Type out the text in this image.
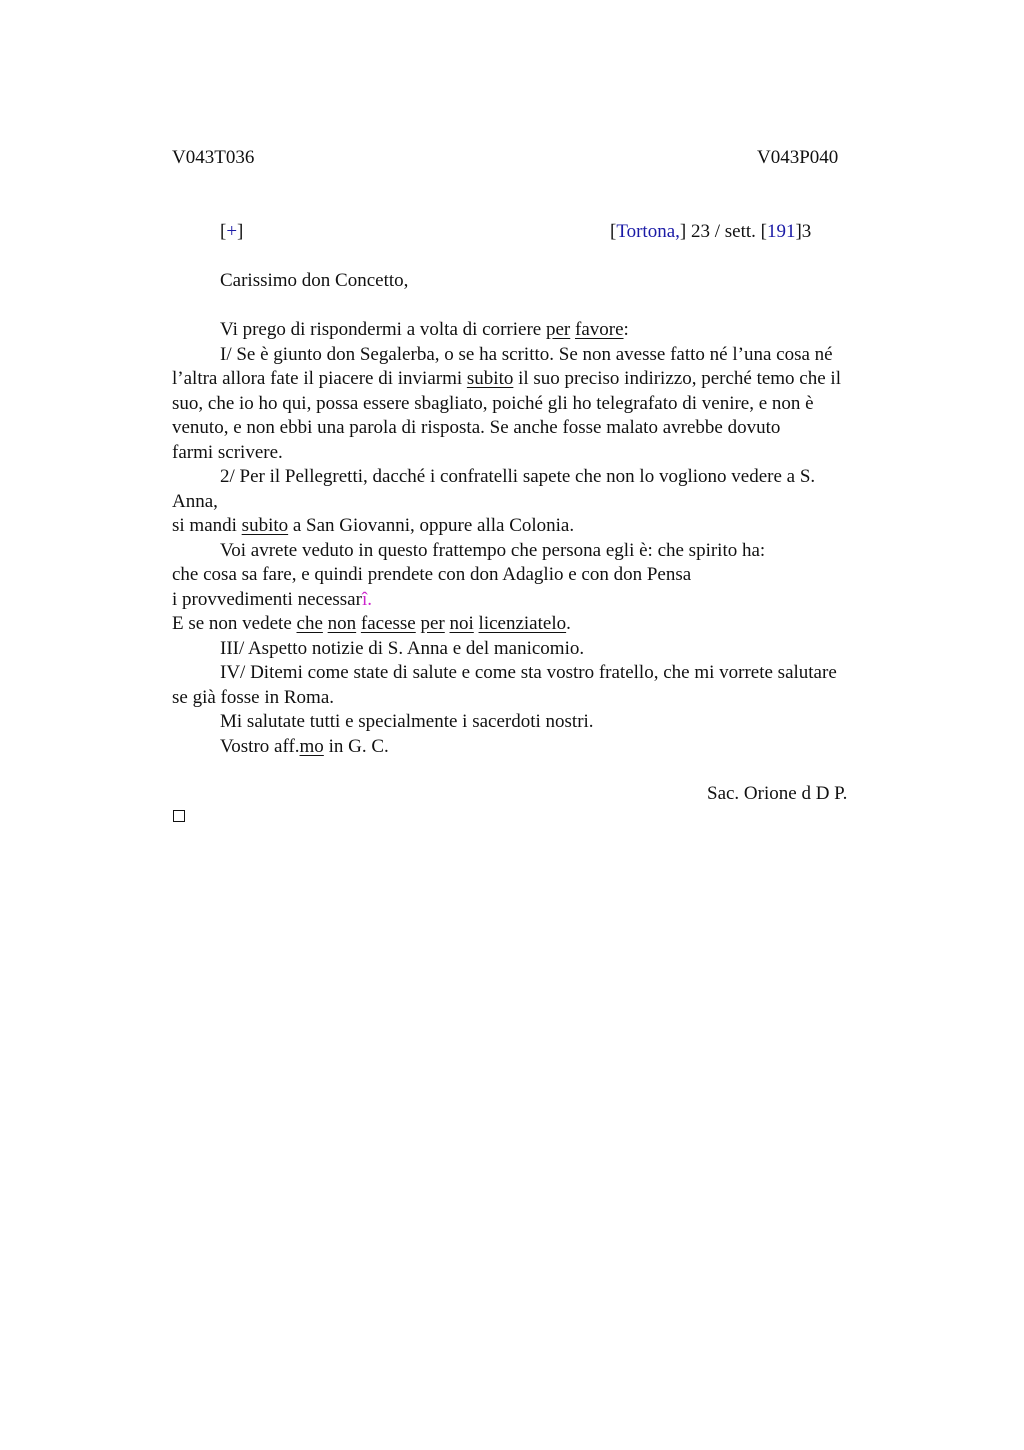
V043T036	V043P040
[+]	[Tortona,] 23 / sett. [191]3
Carissimo don Concetto,
Vi prego di rispondermi a volta di corriere per favore:
I/ Se è giunto don Segalerba, o se ha scritto. Se non avesse fatto né l’una cosa né
l’altra allora fate il piacere di inviarmi subito il suo preciso indirizzo, perché temo che il
suo, che io ho qui, possa essere sbagliato, poiché gli ho telegrafato di venire, e non è
venuto, e non ebbi una parola di risposta. Se anche fosse malato avrebbe dovuto
farmi scrivere.
2/ Per il Pellegretti, dacché i confratelli sapete che non lo vogliono vedere a S.
Anna,
si mandi subito a San Giovanni, oppure alla Colonia.
Voi avrete veduto in questo frattempo che persona egli è: che spirito ha:
che cosa sa fare, e quindi prendete con don Adaglio e con don Pensa
i provvedimenti necessarî.
E se non vedete che non facesse per noi licenziatelo.
III/ Aspetto notizie di S. Anna e del manicomio.
IV/ Ditemi come state di salute e come sta vostro fratello, che mi vorrete salutare
se già fosse in Roma.
Mi salutate tutti e specialmente i sacerdoti nostri.
Vostro aff.mo in G. C.
Sac. Orione d D P.
